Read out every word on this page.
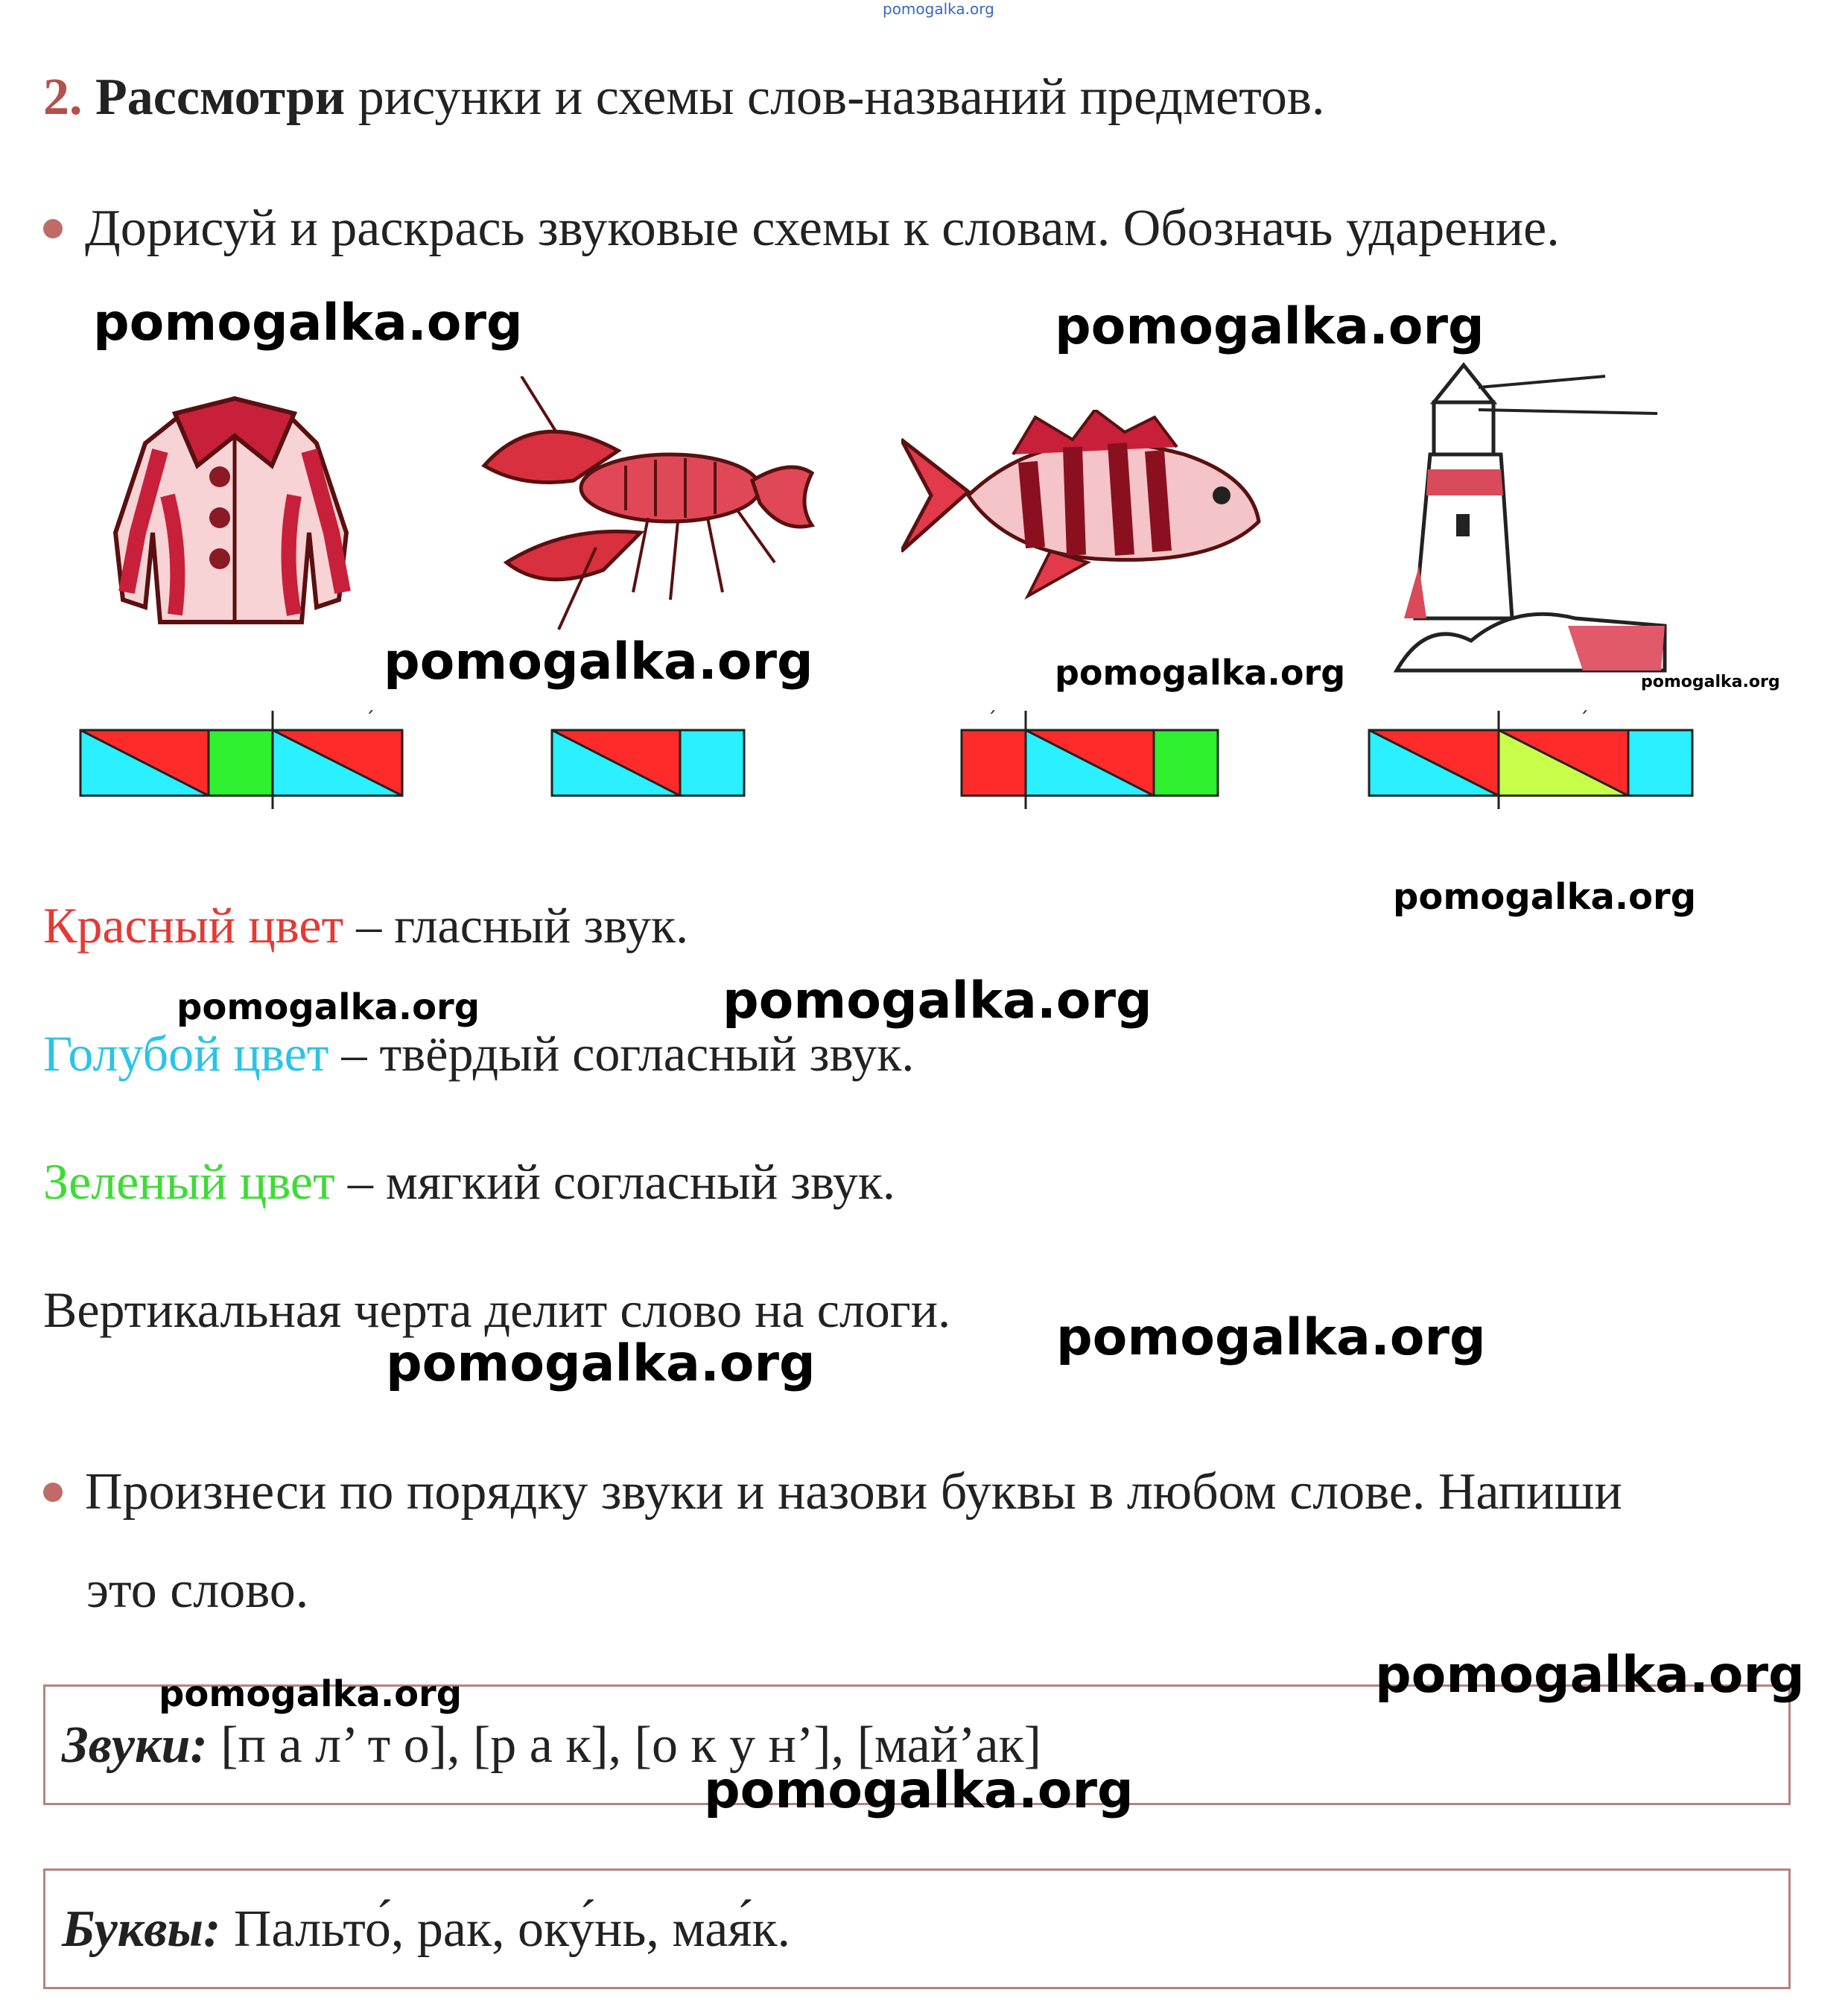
pomogalka.org
2. Рассмотри рисунки и схемы слов-названий предметов.
Дорисуй и раскрась звуковые схемы к словам. Обозначь ударение.
´	´	´
Красный цвет – гласный звук.
Голубой цвет – твёрдый согласный звук.
Зеленый цвет – мягкий согласный звук.
Вертикальная черта делит слово на слоги.
Произнеси по порядку звуки и назови буквы в любом слове. Напиши
это слово.
Звуки: [п а л’ т о], [р а к], [о к у н’], [май’ак]
Буквы: Пальто́, рак, оку́нь, мая́к.
pomogalka.org	pomogalka.org
pomogalka.org	pomogalka.org	pomogalka.org
pomogalka.org
pomogalka.org	pomogalka.org
pomogalka.org
pomogalka.org
pomogalka.org
pomogalka.org
pomogalka.org
